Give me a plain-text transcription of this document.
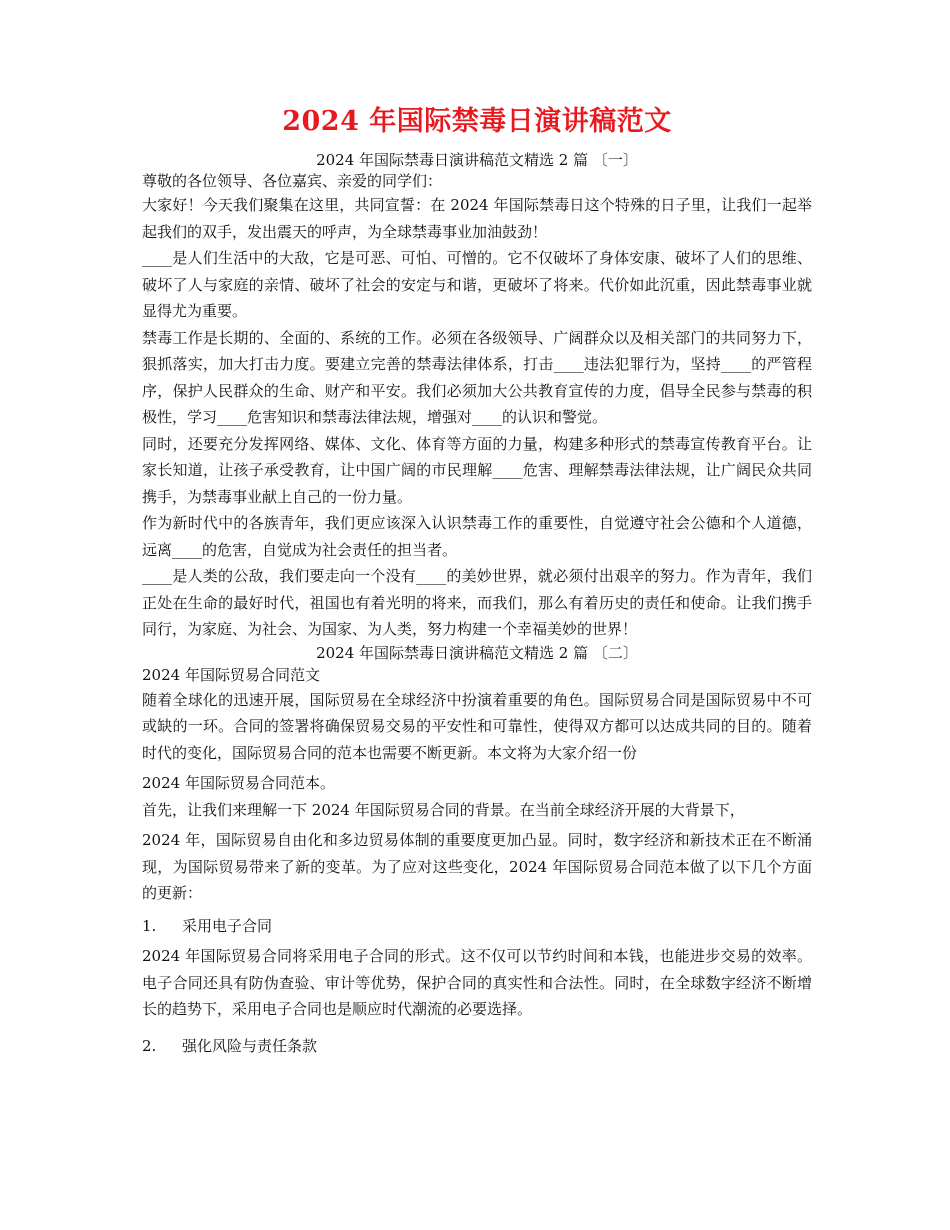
2024 年国际禁毒日演讲稿范文
2024 年国际禁毒日演讲稿范文精选 2 篇 〔一〕

尊敬的各位领导、各位嘉宾、亲爱的同学们：

大家好！今天我们聚集在这里，共同宣誓：在 2024 年国际禁毒日这个特殊的日子里，让我们一起举起我们的双手，发出震天的呼声，为全球禁毒事业加油鼓劲！

____是人们生活中的大敌，它是可恶、可怕、可憎的。它不仅破坏了身体安康、破坏了人们的思维、破坏了人与家庭的亲情、破坏了社会的安定与和谐，更破坏了将来。代价如此沉重，因此禁毒事业就显得尤为重要。

禁毒工作是长期的、全面的、系统的工作。必须在各级领导、广阔群众以及相关部门的共同努力下，狠抓落实，加大打击力度。要建立完善的禁毒法律体系，打击____违法犯罪行为，坚持____的严管程序，保护人民群众的生命、财产和平安。我们必须加大公共教育宣传的力度，倡导全民参与禁毒的积极性，学习____危害知识和禁毒法律法规，增强对____的认识和警觉。

同时，还要充分发挥网络、媒体、文化、体育等方面的力量，构建多种形式的禁毒宣传教育平台。让家长知道，让孩子承受教育，让中国广阔的市民理解____危害、理解禁毒法律法规，让广阔民众共同携手，为禁毒事业献上自己的一份力量。

作为新时代中的各族青年，我们更应该深入认识禁毒工作的重要性，自觉遵守社会公德和个人道德，远离____的危害，自觉成为社会责任的担当者。

____是人类的公敌，我们要走向一个没有____的美妙世界，就必须付出艰辛的努力。作为青年，我们正处在生命的最好时代，祖国也有着光明的将来，而我们，那么有着历史的责任和使命。让我们携手同行，为家庭、为社会、为国家、为人类，努力构建一个幸福美妙的世界！

2024 年国际禁毒日演讲稿范文精选 2 篇 〔二〕
2024 年国际贸易合同范文

随着全球化的迅速开展，国际贸易在全球经济中扮演着重要的角色。国际贸易合同是国际贸易中不可或缺的一环。合同的签署将确保贸易交易的平安性和可靠性，使得双方都可以达成共同的目的。随着时代的变化，国际贸易合同的范本也需要不断更新。本文将为大家介绍一份

2024 年国际贸易合同范本。

首先，让我们来理解一下 2024 年国际贸易合同的背景。在当前全球经济开展的大背景下，

2024 年，国际贸易自由化和多边贸易体制的重要度更加凸显。同时，数字经济和新技术正在不断涌现，为国际贸易带来了新的变革。为了应对这些变化，2024 年国际贸易合同范本做了以下几个方面的更新：

1. 采用电子合同

2024 年国际贸易合同将采用电子合同的形式。这不仅可以节约时间和本钱，也能进步交易的效率。电子合同还具有防伪查验、审计等优势，保护合同的真实性和合法性。同时，在全球数字经济不断增长的趋势下，采用电子合同也是顺应时代潮流的必要选择。

2. 强化风险与责任条款
